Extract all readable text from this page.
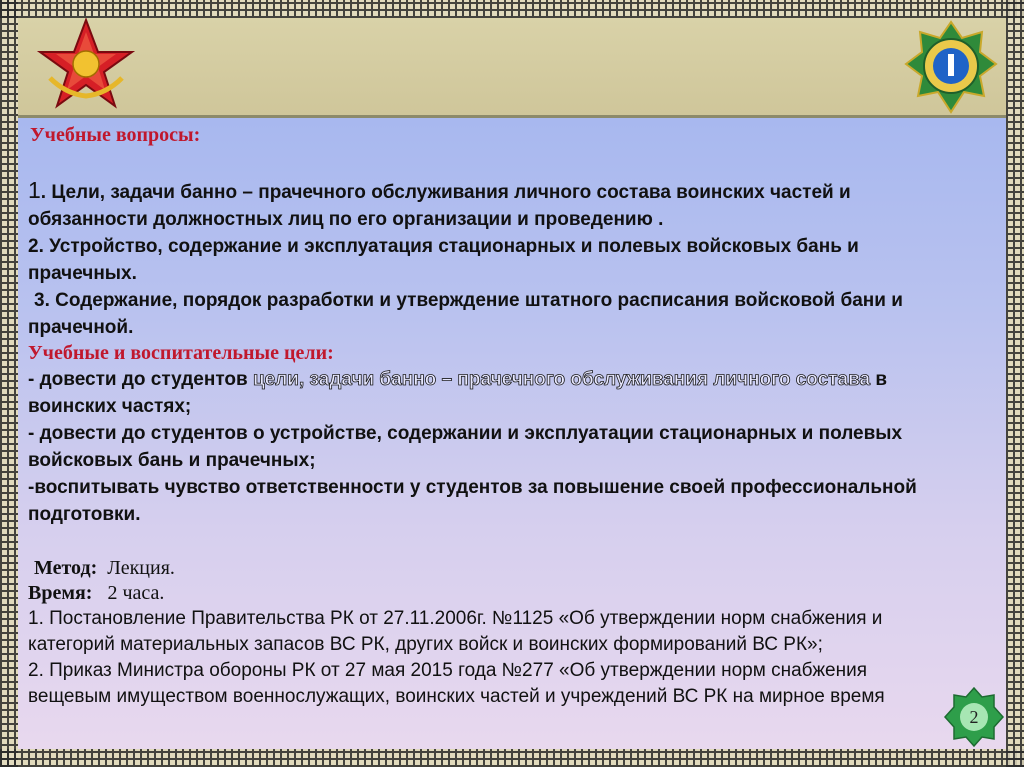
Учебные вопросы:
1. Цели, задачи банно – прачечного обслуживания личного состава воинских частей и
обязанности должностных лиц по его организации и проведению .
2. Устройство, содержание и эксплуатация стационарных и полевых войсковых бань и
прачечных.
3. Содержание, порядок разработки и утверждение штатного расписания войсковой бани и
прачечной.
Учебные и воспитательные цели:
- довести до студентов цели, задачи банно – прачечного обслуживания личного состава в
воинских частях;
- довести до студентов о устройстве, содержании и эксплуатации стационарных и полевых
войсковых бань и прачечных;
-воспитывать чувство ответственности у студентов за повышение своей профессиональной
подготовки.
Метод: Лекция.
Время: 2 часа.
1. Постановление Правительства РК от 27.11.2006г. №1125 «Об утверждении норм снабжения и
категорий материальных запасов ВС РК, других войск и воинских формирований ВС РК»;
2. Приказ Министра обороны РК от 27 мая 2015 года №277 «Об утверждении норм снабжения
вещевым имуществом военнослужащих, воинских частей и учреждений ВС РК на мирное время
2
